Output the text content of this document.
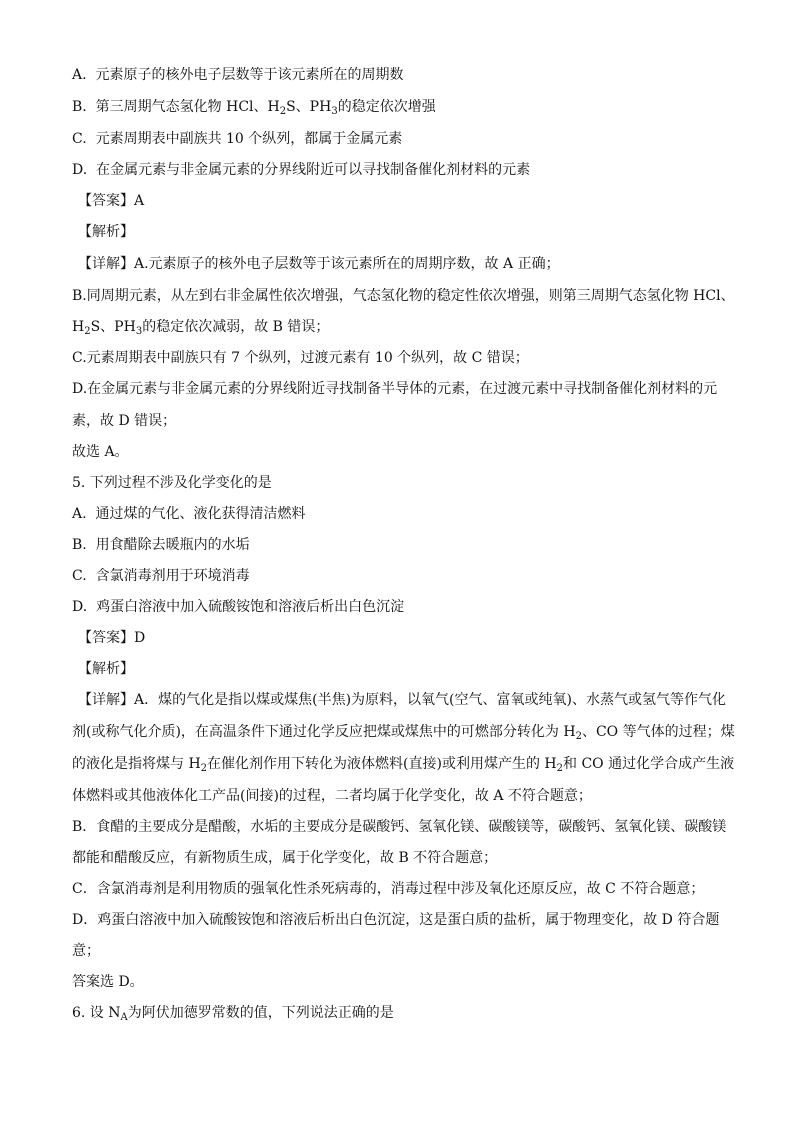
A. 元素原子的核外电子层数等于该元素所在的周期数
B. 第三周期气态氢化物 HCl、$H_2S$、$PH_3$的稳定依次增强
C. 元素周期表中副族共 10 个纵列，都属于金属元素
D. 在金属元素与非金属元素的分界线附近可以寻找制备催化剂材料的元素
【答案】A
【解析】
【详解】A.元素原子的核外电子层数等于该元素所在的周期序数，故 A 正确；
B.同周期元素，从左到右非金属性依次增强，气态氢化物的稳定性依次增强，则第三周期气态氢化物 HCl、
$H_2S$、$PH_3$的稳定依次减弱，故 B 错误；
C.元素周期表中副族只有 7 个纵列，过渡元素有 10 个纵列，故 C 错误；
D.在金属元素与非金属元素的分界线附近寻找制备半导体的元素，在过渡元素中寻找制备催化剂材料的元
素，故 D 错误；
故选 A。
5. 下列过程不涉及化学变化的是
A. 通过煤的气化、液化获得清洁燃料
B. 用食醋除去暖瓶内的水垢
C. 含氯消毒剂用于环境消毒
D. 鸡蛋白溶液中加入硫酸铵饱和溶液后析出白色沉淀
【答案】D
【解析】
【详解】A．煤的气化是指以煤或煤焦(半焦)为原料，以氧气(空气、富氧或纯氧)、水蒸气或氢气等作气化
剂(或称气化介质)，在高温条件下通过化学反应把煤或煤焦中的可燃部分转化为 $H_2$、CO 等气体的过程；煤
的液化是指将煤与 $H_2$在催化剂作用下转化为液体燃料(直接)或利用煤产生的 $H_2$和 CO 通过化学合成产生液
体燃料或其他液体化工产品(间接)的过程，二者均属于化学变化，故 A 不符合题意；
B．食醋的主要成分是醋酸，水垢的主要成分是碳酸钙、氢氧化镁、碳酸镁等，碳酸钙、氢氧化镁、碳酸镁
都能和醋酸反应，有新物质生成，属于化学变化，故 B 不符合题意；
C．含氯消毒剂是利用物质的强氧化性杀死病毒的，消毒过程中涉及氧化还原反应，故 C 不符合题意；
D．鸡蛋白溶液中加入硫酸铵饱和溶液后析出白色沉淀，这是蛋白质的盐析，属于物理变化，故 D 符合题
意；
答案选 D。
6. 设 $N_A$为阿伏加德罗常数的值，下列说法正确的是
